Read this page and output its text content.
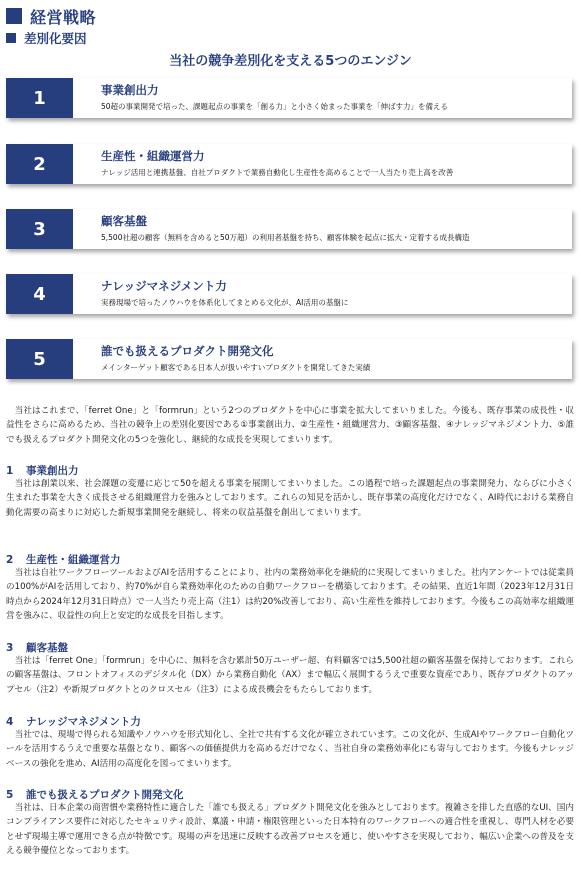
経営戦略
差別化要因
当社の競争差別化を支える5つのエンジン
1	事業創出力
50超の事業開発で培った、課題起点の事業を「創る力」と小さく始まった事業を「伸ばす力」を備える
2	生産性・組織運営力
ナレッジ活用と連携基盤、自社プロダクトで業務自動化し生産性を高めることで一人当たり売上高を改善
3	顧客基盤
5,500社超の顧客（無料を含めると50万超）の利用者基盤を持ち、顧客体験を起点に拡大・定着する成長構造
4	ナレッジマネジメント力
実務現場で培ったノウハウを体系化してまとめる文化が、AI活用の基盤に
5	誰でも扱えるプロダクト開発文化
メインターゲット顧客である日本人が扱いやすいプロダクトを開発してきた実績

当社はこれまで、「ferret One」と「formrun」という2つのプロダクトを中心に事業を拡大してまいりました。今後も、既存事業の成長性・収益性をさらに高めるため、当社の競争上の差別化要因である①事業創出力、②生産性・組織運営力、③顧客基盤、④ナレッジマネジメント力、⑤誰でも扱えるプロダクト開発文化の5つを強化し、継続的な成長を実現してまいります。

1 事業創出力

当社は創業以来、社会課題の変遷に応じて50を超える事業を展開してまいりました。この過程で培った課題起点の事業開発力、ならびに小さく生まれた事業を大きく成長させる組織運営力を強みとしております。これらの知見を活かし、既存事業の高度化だけでなく、AI時代における業務自動化需要の高まりに対応した新規事業開発を継続し、将来の収益基盤を創出してまいります。

2 生産性・組織運営力

当社は自社ワークフローツールおよびAIを活用することにより、社内の業務効率化を継続的に実現してまいりました。社内アンケートでは従業員の100%がAIを活用しており、約70%が自ら業務効率化のための自動ワークフローを構築しております。その結果、直近1年間（2023年12月31日時点から2024年12月31日時点）で一人当たり売上高（注1）は約20%改善しており、高い生産性を維持しております。今後もこの高効率な組織運営を強みに、収益性の向上と安定的な成長を目指します。

3 顧客基盤

当社は「ferret One」「formrun」を中心に、無料を含む累計50万ユーザー超、有料顧客では5,500社超の顧客基盤を保持しております。これらの顧客基盤は、フロントオフィスのデジタル化（DX）から業務自動化（AX）まで幅広く展開するうえで重要な資産であり、既存プロダクトのアップセル（注2）や新規プロダクトとのクロスセル（注3）による成長機会をもたらしております。

4 ナレッジマネジメント力

当社では、現場で得られる知識やノウハウを形式知化し、全社で共有する文化が確立されています。この文化が、生成AIやワークフロー自動化ツールを活用するうえで重要な基盤となり、顧客への価値提供力を高めるだけでなく、当社自身の業務効率化にも寄与しております。今後もナレッジベースの強化を進め、AI活用の高度化を図ってまいります。

5 誰でも扱えるプロダクト開発文化

当社は、日本企業の商習慣や業務特性に適合した「誰でも扱える」プロダクト開発文化を強みとしております。複雑さを排した直感的なUI、国内コンプライアンス要件に対応したセキュリティ設計、稟議・申請・権限管理といった日本特有のワークフローへの適合性を重視し、専門人材を必要とせず現場主導で運用できる点が特徴です。現場の声を迅速に反映する改善プロセスを通じ、使いやすさを実現しており、幅広い企業への普及を支える競争優位となっております。
